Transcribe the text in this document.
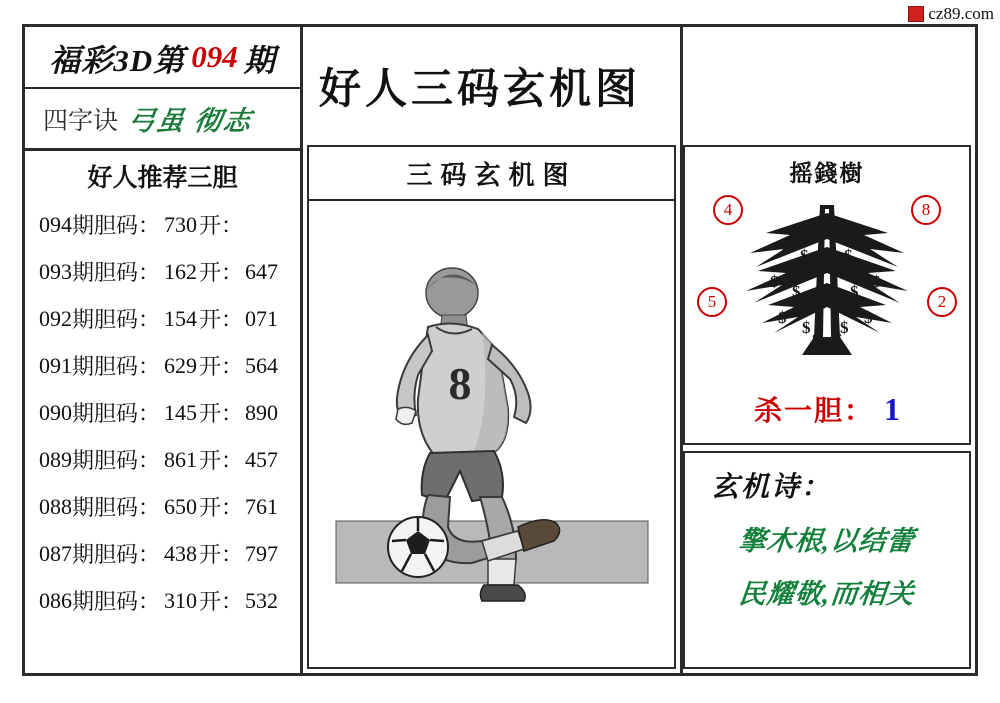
cz89.com
福彩3D第 094 期
四字诀 弓虽 彻志
好人推荐三胆
094 期胆码： 730 开：
093 期胆码： 162 开： 647
092 期胆码： 154 开： 071
091 期胆码： 629 开： 564
090 期胆码： 145 开： 890
089 期胆码： 861 开： 457
088 期胆码： 650 开： 761
087 期胆码： 438 开： 797
086 期胆码： 310 开： 532
好人三码玄机图
三码玄机图
8
摇錢樹
4	8
5	2
$
$ $
$
$
$	$
$
$
$ $
$
$ $
杀一胆： 1
玄机诗：
擎木根,以结蕾
民耀敬,而相关
